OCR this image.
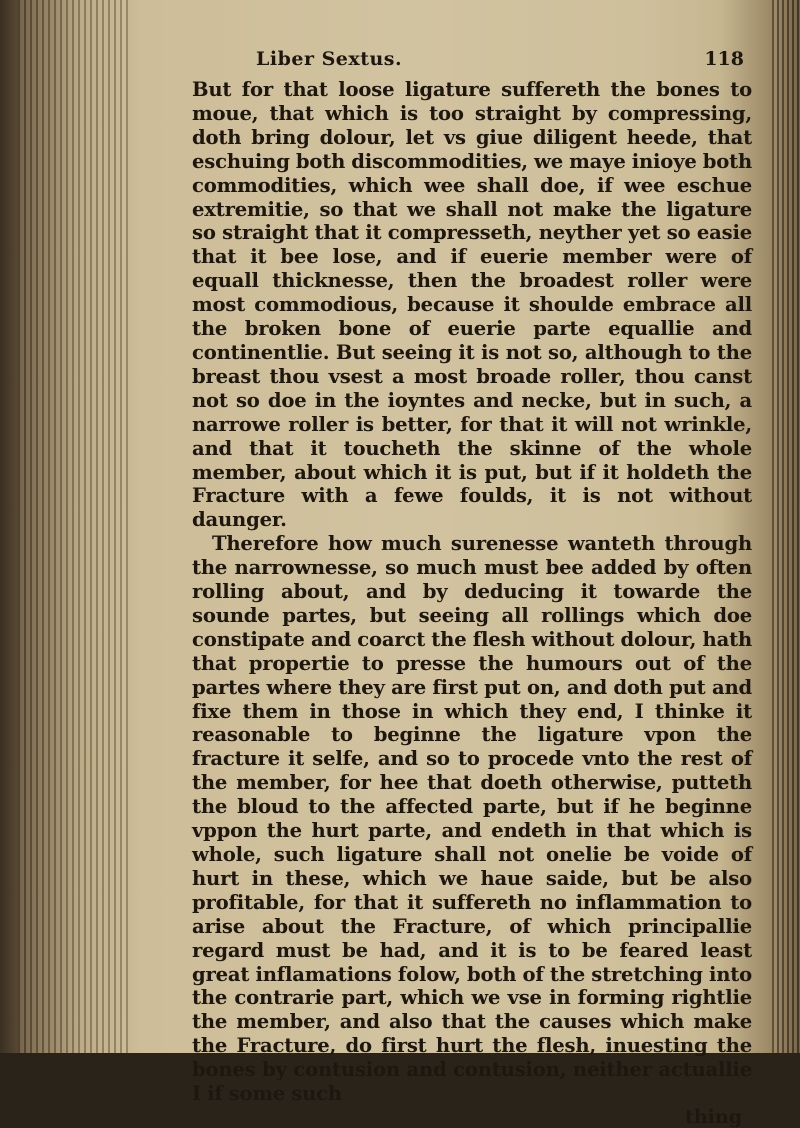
Liber Sextus.	118

But for that loose ligature suffereth the bones to moue, that which is too straight by compressing, doth bring dolour, let vs giue diligent heede, that eschuing both discommodities, we maye inioye both commodities, which wee shall doe, if wee eschue extremitie, so that we shall not make the ligature so straight that it compresseth, neyther yet so easie that it bee lose, and if euerie member were of equall thicknesse, then the broadest roller were most commodious, because it shoulde embrace all the broken bone of euerie parte equallie and continentlie. But seeing it is not so, although to the breast thou vsest a most broade roller, thou canst not so doe in the ioyntes and necke, but in such, a narrowe roller is better, for that it will not wrinkle, and that it toucheth the skinne of the whole member, about which it is put, but if it holdeth the Fracture with a fewe foulds, it is not without daunger.

Therefore how much surenesse wanteth through the narrownesse, so much must bee added by often rolling about, and by deducing it towarde the sounde partes, but seeing all rollings which doe constipate and coarct the flesh without dolour, hath that propertie to presse the humours out of the partes where they are first put on, and doth put and fixe them in those in which they end, I thinke it reasonable to beginne the ligature vpon the fracture it selfe, and so to procede vnto the rest of the member, for hee that doeth otherwise, putteth the bloud to the affected parte, but if he beginne vppon the hurt parte, and endeth in that which is whole, such ligature shall not onelie be voide of hurt in these, which we haue saide, but be also profitable, for that it suffereth no inflammation to arise about the Fracture, of which principallie regard must be had, and it is to be feared least great inflamations folow, both of the stretching into the contrarie part, which we vse in forming rightlie the member, and also that the causes which make the Fracture, do first hurt the flesh, inuesting the bones by contusion and contusion, neither actuallie I if some such

thing
